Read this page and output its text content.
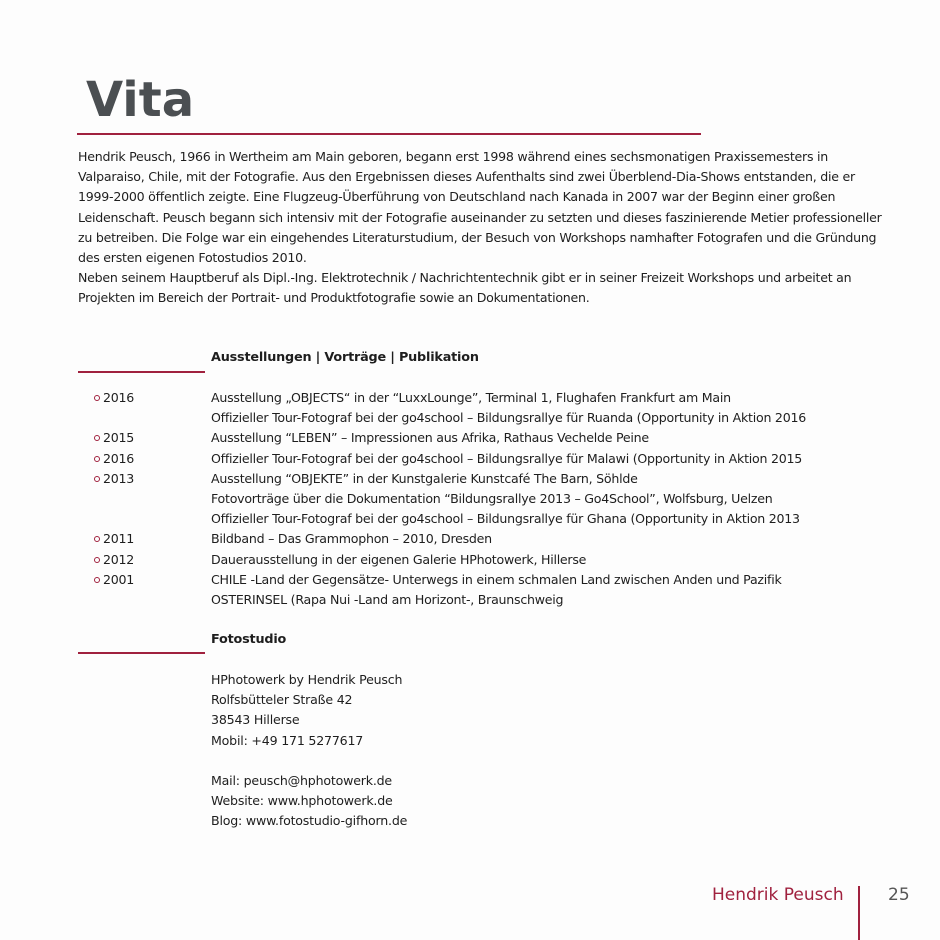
Vita

Hendrik Peusch, 1966 in Wertheim am Main geboren, begann erst 1998 während eines sechsmonatigen Praxissemesters in

Valparaiso, Chile, mit der Fotografie. Aus den Ergebnissen dieses Aufenthalts sind zwei Überblend-Dia-Shows entstanden, die er

1999-2000 öffentlich zeigte. Eine Flugzeug-Überführung von Deutschland nach Kanada in 2007 war der Beginn einer großen

Leidenschaft. Peusch begann sich intensiv mit der Fotografie auseinander zu setzten und dieses faszinierende Metier professioneller

zu betreiben. Die Folge war ein eingehendes Literaturstudium, der Besuch von Workshops namhafter Fotografen und die Gründung

des ersten eigenen Fotostudios 2010.

Neben seinem Hauptberuf als Dipl.-Ing. Elektrotechnik / Nachrichtentechnik gibt er in seiner Freizeit Workshops und arbeitet an

Projekten im Bereich der Portrait- und Produktfotografie sowie an Dokumentationen.

Ausstellungen | Vorträge | Publikation
2016	Ausstellung „OBJECTS“ in der “LuxxLounge”, Terminal 1, Flughafen Frankfurt am Main
Offizieller Tour-Fotograf bei der go4school – Bildungsrallye für Ruanda (Opportunity in Aktion 2016
2015	Ausstellung “LEBEN” – Impressionen aus Afrika, Rathaus Vechelde Peine
2016	Offizieller Tour-Fotograf bei der go4school – Bildungsrallye für Malawi (Opportunity in Aktion 2015
2013	Ausstellung “OBJEKTE” in der Kunstgalerie Kunstcafé The Barn, Söhlde
Fotovorträge über die Dokumentation “Bildungsrallye 2013 – Go4School”, Wolfsburg, Uelzen
Offizieller Tour-Fotograf bei der go4school – Bildungsrallye für Ghana (Opportunity in Aktion 2013
2011	Bildband – Das Grammophon – 2010, Dresden
2012	Dauerausstellung in der eigenen Galerie HPhotowerk, Hillerse
2001	CHILE -Land der Gegensätze- Unterwegs in einem schmalen Land zwischen Anden und Pazifik
OSTERINSEL (Rapa Nui -Land am Horizont-, Braunschweig
Fotostudio
HPhotowerk by Hendrik Peusch
Rolfsbütteler Straße 42
38543 Hillerse
Mobil: +49 171 5277617
Mail: peusch@hphotowerk.de
Website: www.hphotowerk.de
Blog: www.fotostudio-gifhorn.de
Hendrik Peusch	25
